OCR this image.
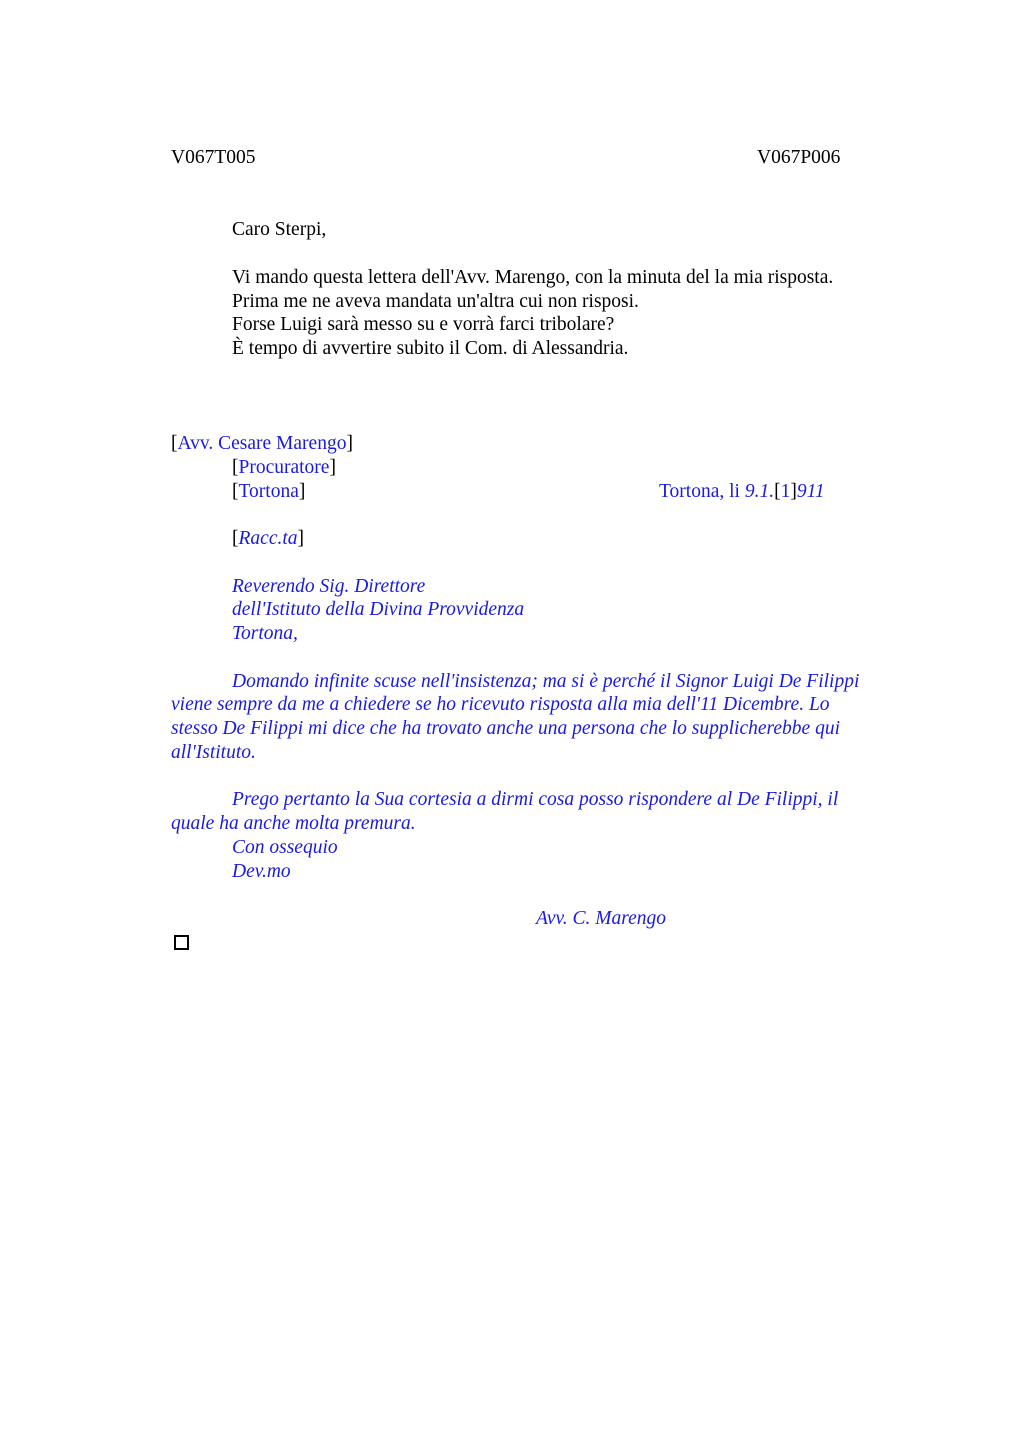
V067T005	V067P006
Caro Sterpi,
Vi mando questa lettera dell'Avv. Marengo, con la minuta del la mia risposta.
Prima me ne aveva mandata un'altra cui non risposi.
Forse Luigi sarà messo su e vorrà farci tribolare?
È tempo di avvertire subito il Com. di Alessandria.
[Avv. Cesare Marengo]
[Procuratore]
[Tortona]	Tortona, li 9.1.[1]911
[Racc.ta]
Reverendo Sig. Direttore
dell'Istituto della Divina Provvidenza
Tortona,
Domando infinite scuse nell'insistenza; ma si è perché il Signor Luigi De Filippi
viene sempre da me a chiedere se ho ricevuto risposta alla mia dell'11 Dicembre. Lo
stesso De Filippi mi dice che ha trovato anche una persona che lo supplicherebbe qui
all'Istituto.
Prego pertanto la Sua cortesia a dirmi cosa posso rispondere al De Filippi, il
quale ha anche molta premura.
Con ossequio
Dev.mo
Avv. C. Marengo
